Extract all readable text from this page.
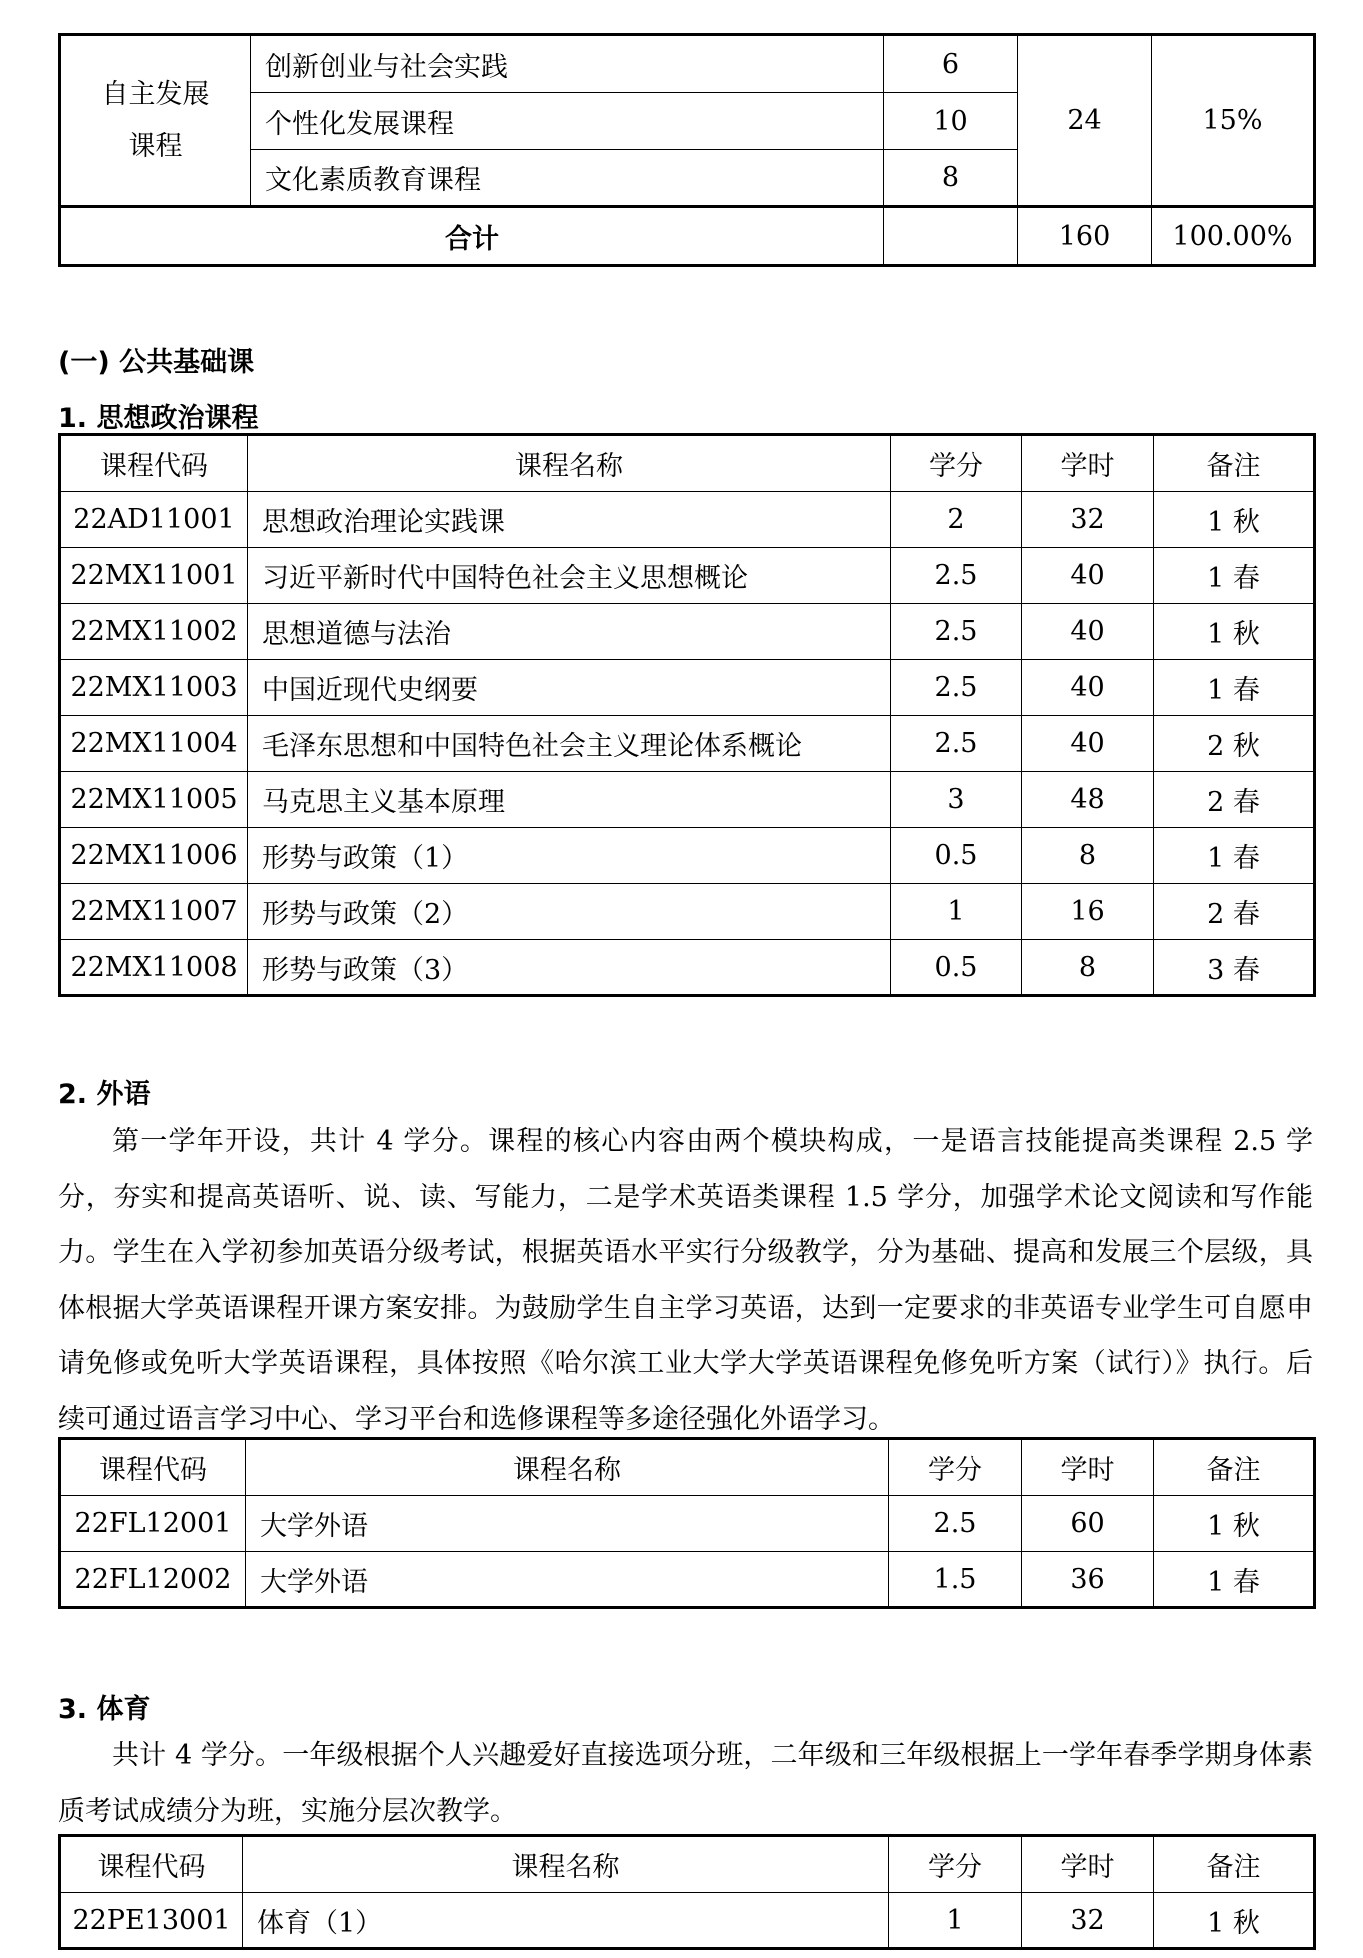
自主发展课程	创新创业与社会实践	6	24	15%
	个性化发展课程	10		
	文化素质教育课程	8		
合计			160	100.00%
(一) 公共基础课
1. 思想政治课程
课程代码	课程名称	学分	学时	备注
22AD11001	思想政治理论实践课	2	32	1 秋
22MX11001	习近平新时代中国特色社会主义思想概论	2.5	40	1 春
22MX11002	思想道德与法治	2.5	40	1 秋
22MX11003	中国近现代史纲要	2.5	40	1 春
22MX11004	毛泽东思想和中国特色社会主义理论体系概论	2.5	40	2 秋
22MX11005	马克思主义基本原理	3	48	2 春
22MX11006	形势与政策（1）	0.5	8	1 春
22MX11007	形势与政策（2）	1	16	2 春
22MX11008	形势与政策（3）	0.5	8	3 春
2. 外语

第一学年开设，共计 4 学分。课程的核心内容由两个模块构成，一是语言技能提高类课程 2.5 学分，夯实和提高英语听、说、读、写能力，二是学术英语类课程 1.5 学分，加强学术论文阅读和写作能力。学生在入学初参加英语分级考试，根据英语水平实行分级教学，分为基础、提高和发展三个层级，具体根据大学英语课程开课方案安排。为鼓励学生自主学习英语，达到一定要求的非英语专业学生可自愿申请免修或免听大学英语课程，具体按照《哈尔滨工业大学大学英语课程免修免听方案（试行）》执行。后续可通过语言学习中心、学习平台和选修课程等多途径强化外语学习。

课程代码	课程名称	学分	学时	备注
22FL12001	大学外语	2.5	60	1 秋
22FL12002	大学外语	1.5	36	1 春
3. 体育

共计 4 学分。一年级根据个人兴趣爱好直接选项分班，二年级和三年级根据上一学年春季学期身体素质考试成绩分为班，实施分层次教学。

课程代码	课程名称	学分	学时	备注
22PE13001	体育（1）	1	32	1 秋
